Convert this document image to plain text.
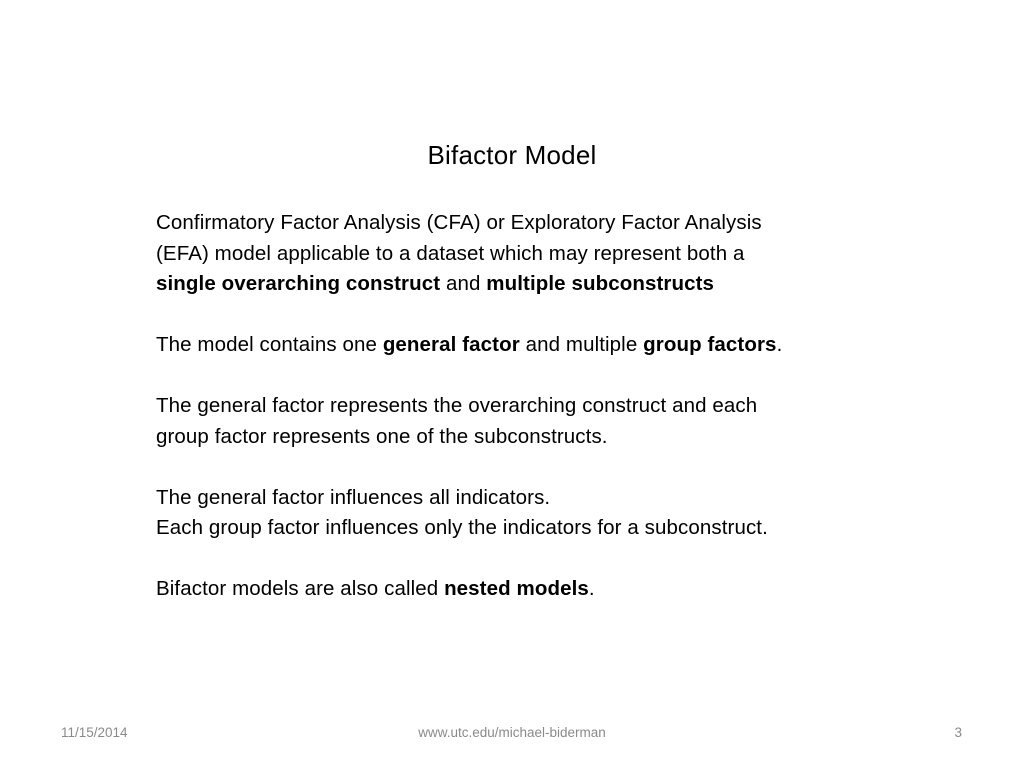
Bifactor Model

Confirmatory Factor Analysis (CFA) or Exploratory Factor Analysis
(EFA) model applicable to a dataset which may represent both a
single overarching construct and multiple subconstructs

The model contains one general factor and multiple group factors.

The general factor represents the overarching construct and each
group factor represents one of the subconstructs.

The general factor influences all indicators.
Each group factor influences only the indicators for a subconstruct.

Bifactor models are also called nested models.

11/15/2014	www.utc.edu/michael-biderman	3
